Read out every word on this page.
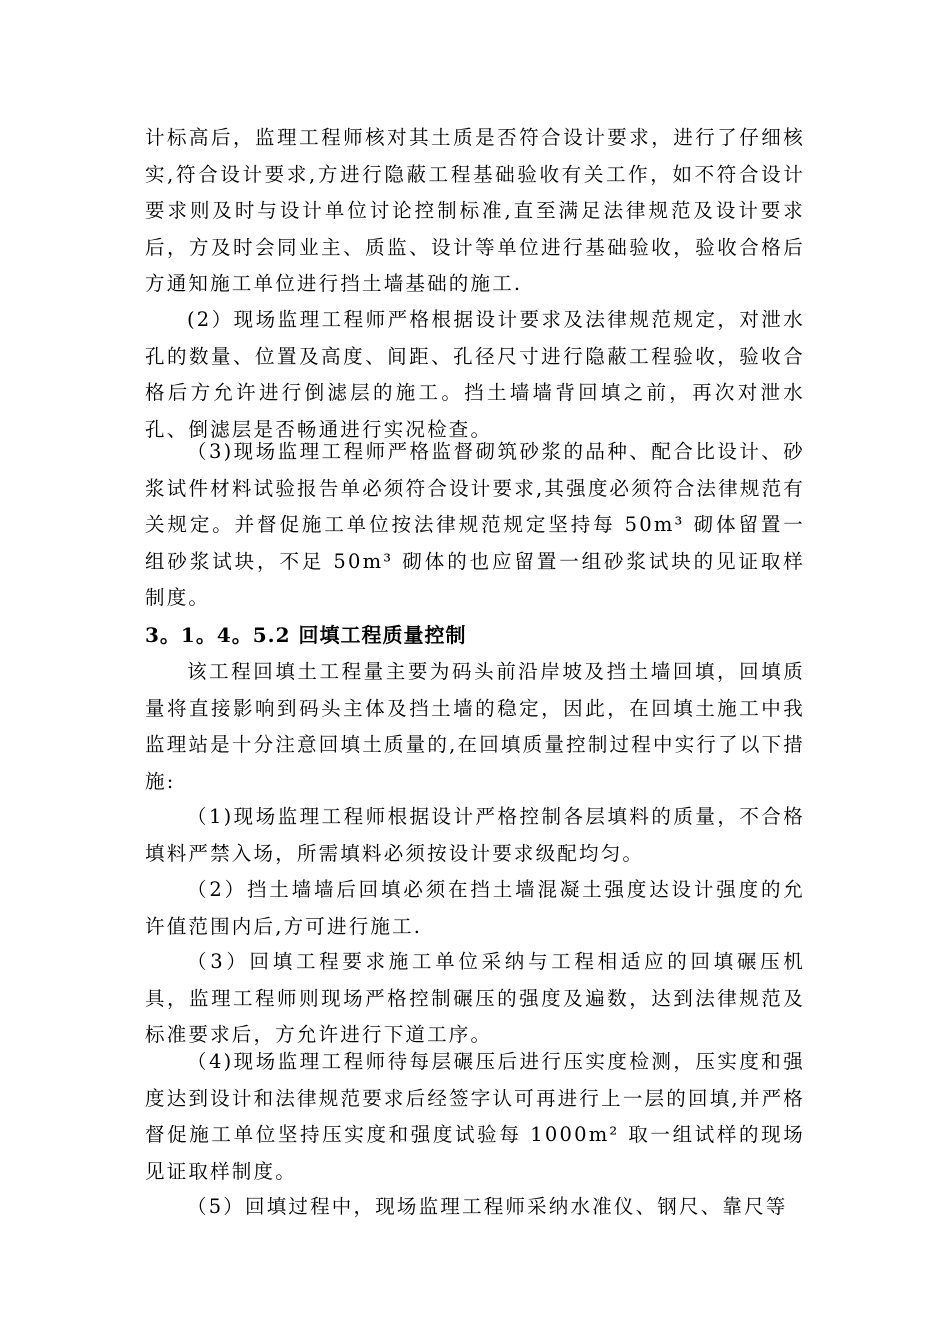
计标高后，监理工程师核对其土质是否符合设计要求，进行了仔细核实,符合设计要求,方进行隐蔽工程基础验收有关工作，如不符合设计要求则及时与设计单位讨论控制标准,直至满足法律规范及设计要求后，方及时会同业主、质监、设计等单位进行基础验收，验收合格后方通知施工单位进行挡土墙基础的施工.

(2）现场监理工程师严格根据设计要求及法律规范规定，对泄水孔的数量、位置及高度、间距、孔径尺寸进行隐蔽工程验收，验收合格后方允许进行倒滤层的施工。挡土墙墙背回填之前，再次对泄水孔、倒滤层是否畅通进行实况检查。

（3)现场监理工程师严格监督砌筑砂浆的品种、配合比设计、砂浆试件材料试验报告单必须符合设计要求,其强度必须符合法律规范有关规定。并督促施工单位按法律规范规定坚持每 50m³ 砌体留置一组砂浆试块，不足 50m³ 砌体的也应留置一组砂浆试块的见证取样制度。

3。1。4。5.2 回填工程质量控制

该工程回填土工程量主要为码头前沿岸坡及挡土墙回填，回填质量将直接影响到码头主体及挡土墙的稳定，因此，在回填土施工中我监理站是十分注意回填土质量的,在回填质量控制过程中实行了以下措施:

（1)现场监理工程师根据设计严格控制各层填料的质量，不合格填料严禁入场，所需填料必须按设计要求级配均匀。

（2）挡土墙墙后回填必须在挡土墙混凝土强度达设计强度的允许值范围内后,方可进行施工.

（3）回填工程要求施工单位采纳与工程相适应的回填碾压机具，监理工程师则现场严格控制碾压的强度及遍数，达到法律规范及标准要求后，方允许进行下道工序。

（4)现场监理工程师待每层碾压后进行压实度检测，压实度和强度达到设计和法律规范要求后经签字认可再进行上一层的回填,并严格督促施工单位坚持压实度和强度试验每 1000m² 取一组试样的现场见证取样制度。

（5）回填过程中，现场监理工程师采纳水准仪、钢尺、靠尺等
